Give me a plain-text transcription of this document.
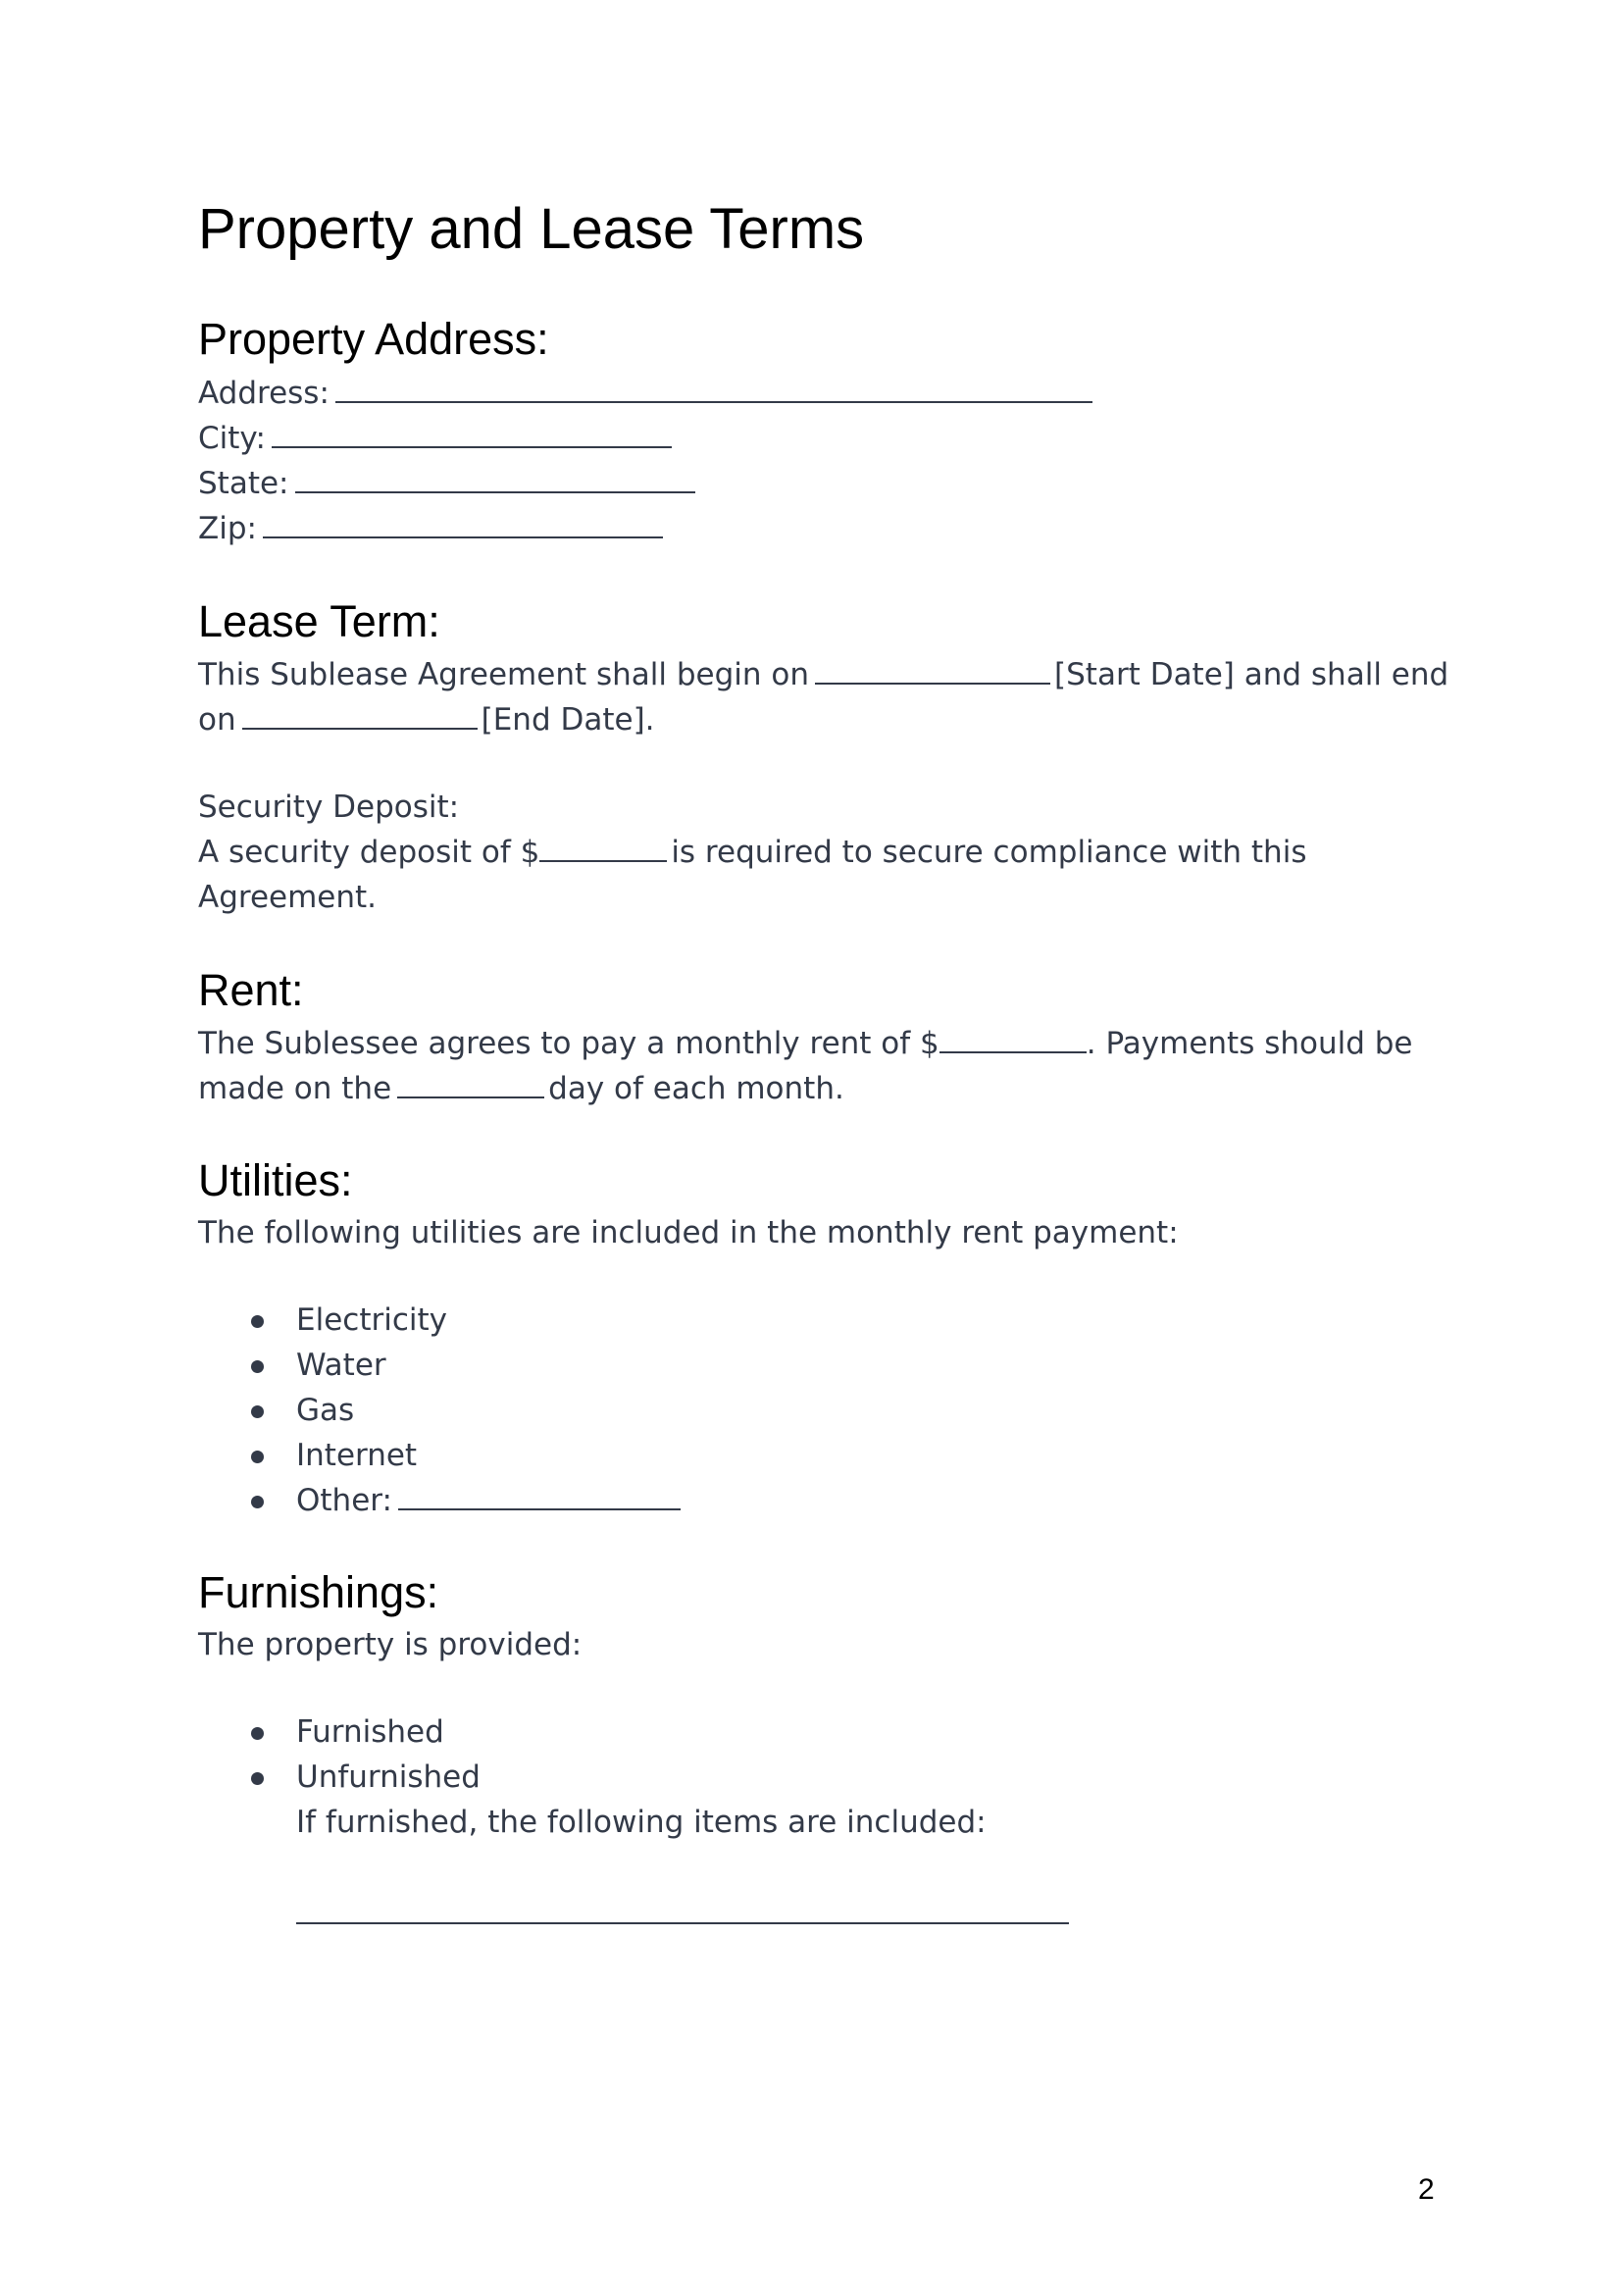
Property and Lease Terms
Property Address:
Address:
City:
State:
Zip:
Lease Term:
This Sublease Agreement shall begin on	[Start Date] and shall end
on	[End Date].
Security Deposit:
A security deposit of $	is required to secure compliance with this
Agreement.
Rent:
The Sublessee agrees to pay a monthly rent of $	. Payments should be
made on the	day of each month.
Utilities:
The following utilities are included in the monthly rent payment:
Electricity
Water
Gas
Internet
Other:
Furnishings:
The property is provided:
Furnished
Unfurnished
If furnished, the following items are included:
2
